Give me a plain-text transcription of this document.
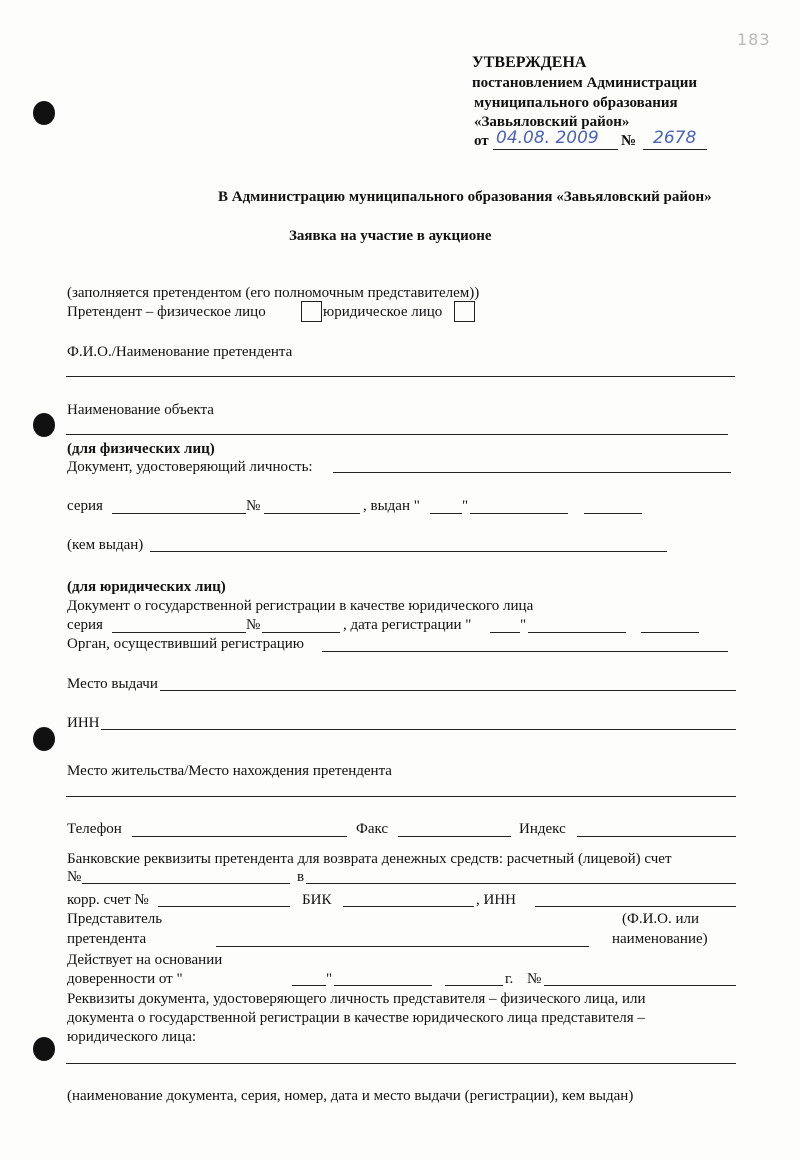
183
УТВЕРЖДЕНА
постановлением Администрации
муниципального образования
«Завьяловский район»
от 04.08. 2009 № 2678
В Администрацию муниципального образования «Завьяловский район»
Заявка на участие в аукционе
(заполняется претендентом (его полномочным представителем))
Претендент – физическое лицо	юридическое лицо
Ф.И.О./Наименование претендента
Наименование объекта
(для физических лиц)
Документ, удостоверяющий личность:
серия	№	, выдан "	"
(кем выдан)
(для юридических лиц)
Документ о государственной регистрации в качестве юридического лица
серия	№	, дата регистрации "	"
Орган, осуществивший регистрацию
Место выдачи
ИНН
Место жительства/Место нахождения претендента
Телефон	Факс	Индекс
Банковские реквизиты претендента для возврата денежных средств: расчетный (лицевой) счет
№	в
корр. счет №	БИК	, ИНН
Представитель
претендента
(Ф.И.О. или
наименование)
Действует на основании
доверенности от "	"	г. №
Реквизиты документа, удостоверяющего личность представителя – физического лица, или
документа о государственной регистрации в качестве юридического лица представителя –
юридического лица:
(наименование документа, серия, номер, дата и место выдачи (регистрации), кем выдан)
